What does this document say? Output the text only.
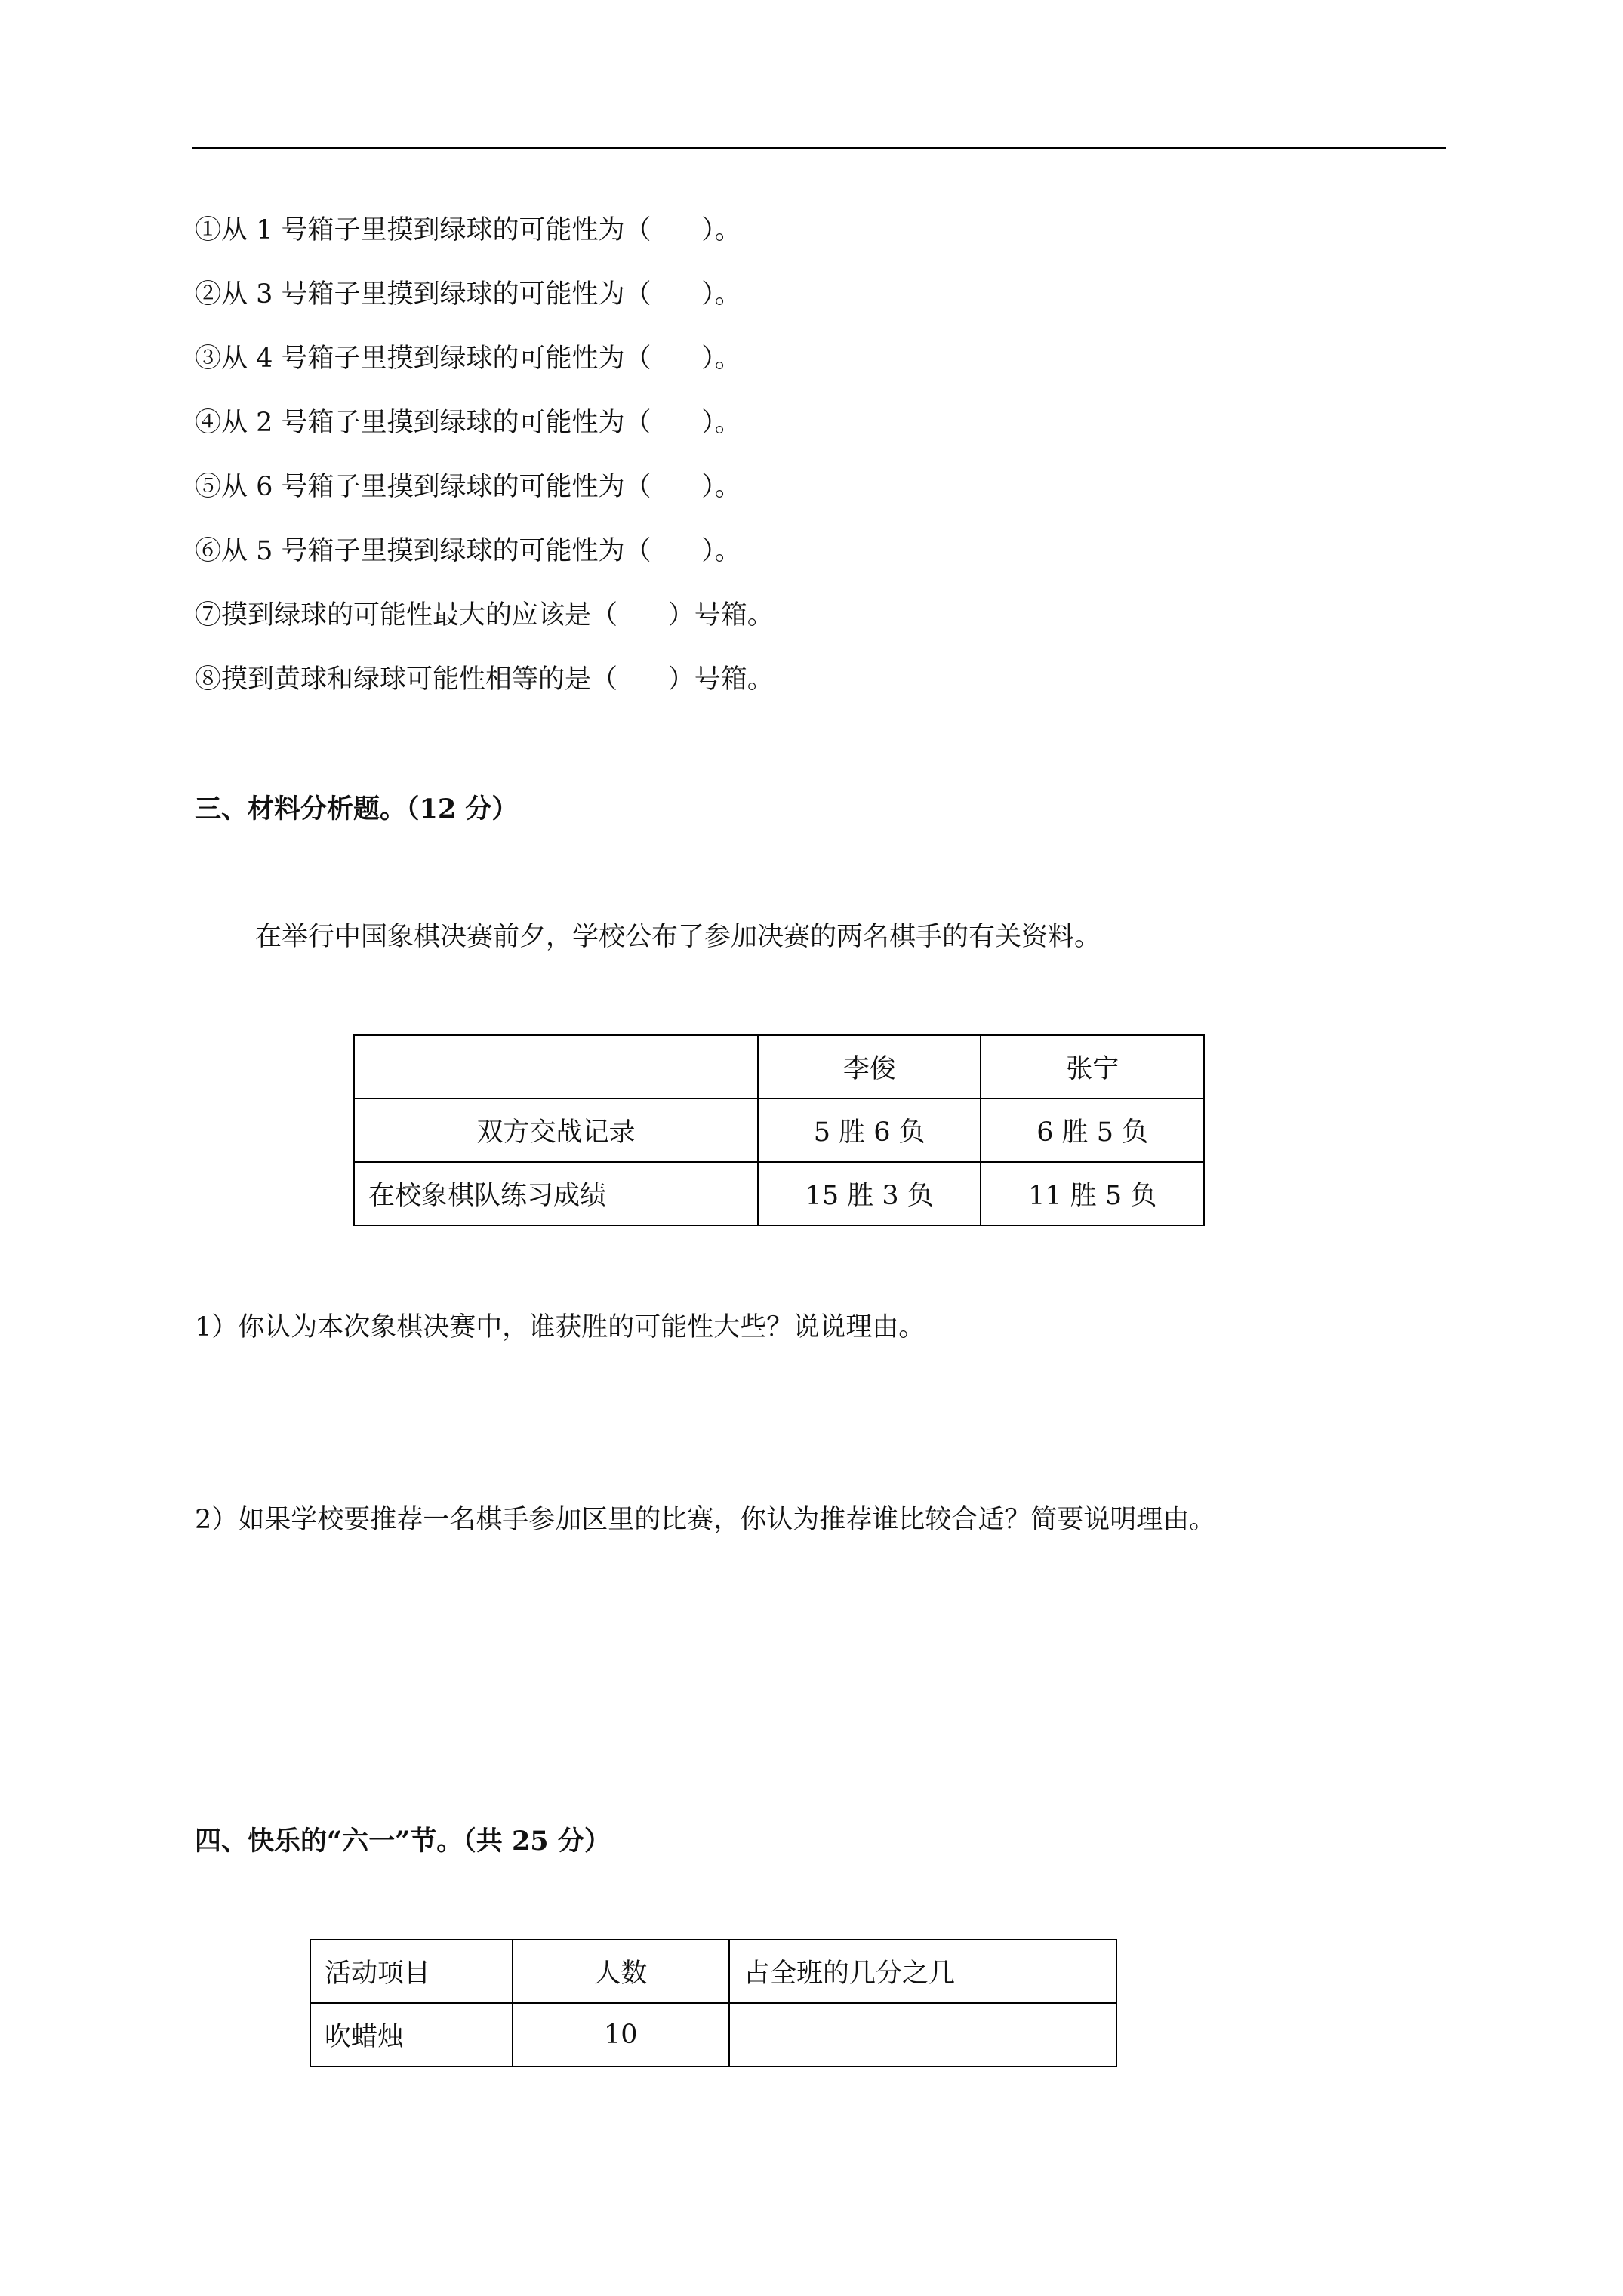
①从 1 号箱子里摸到绿球的可能性为（      ）。
②从 3 号箱子里摸到绿球的可能性为（      ）。
③从 4 号箱子里摸到绿球的可能性为（      ）。
④从 2 号箱子里摸到绿球的可能性为（      ）。
⑤从 6 号箱子里摸到绿球的可能性为（      ）。
⑥从 5 号箱子里摸到绿球的可能性为（      ）。
⑦摸到绿球的可能性最大的应该是（      ）号箱。
⑧摸到黄球和绿球可能性相等的是（      ）号箱。
三、材料分析题。（12 分）
在举行中国象棋决赛前夕，学校公布了参加决赛的两名棋手的有关资料。
	李俊	张宁
双方交战记录	5 胜 6 负	6 胜 5 负
在校象棋队练习成绩	15 胜 3 负	11 胜 5 负
1）你认为本次象棋决赛中，谁获胜的可能性大些？说说理由。
2）如果学校要推荐一名棋手参加区里的比赛，你认为推荐谁比较合适？简要说明理由。
四、快乐的“六一”节。（共 25 分）
活动项目	人数	占全班的几分之几
吹蜡烛	10	
